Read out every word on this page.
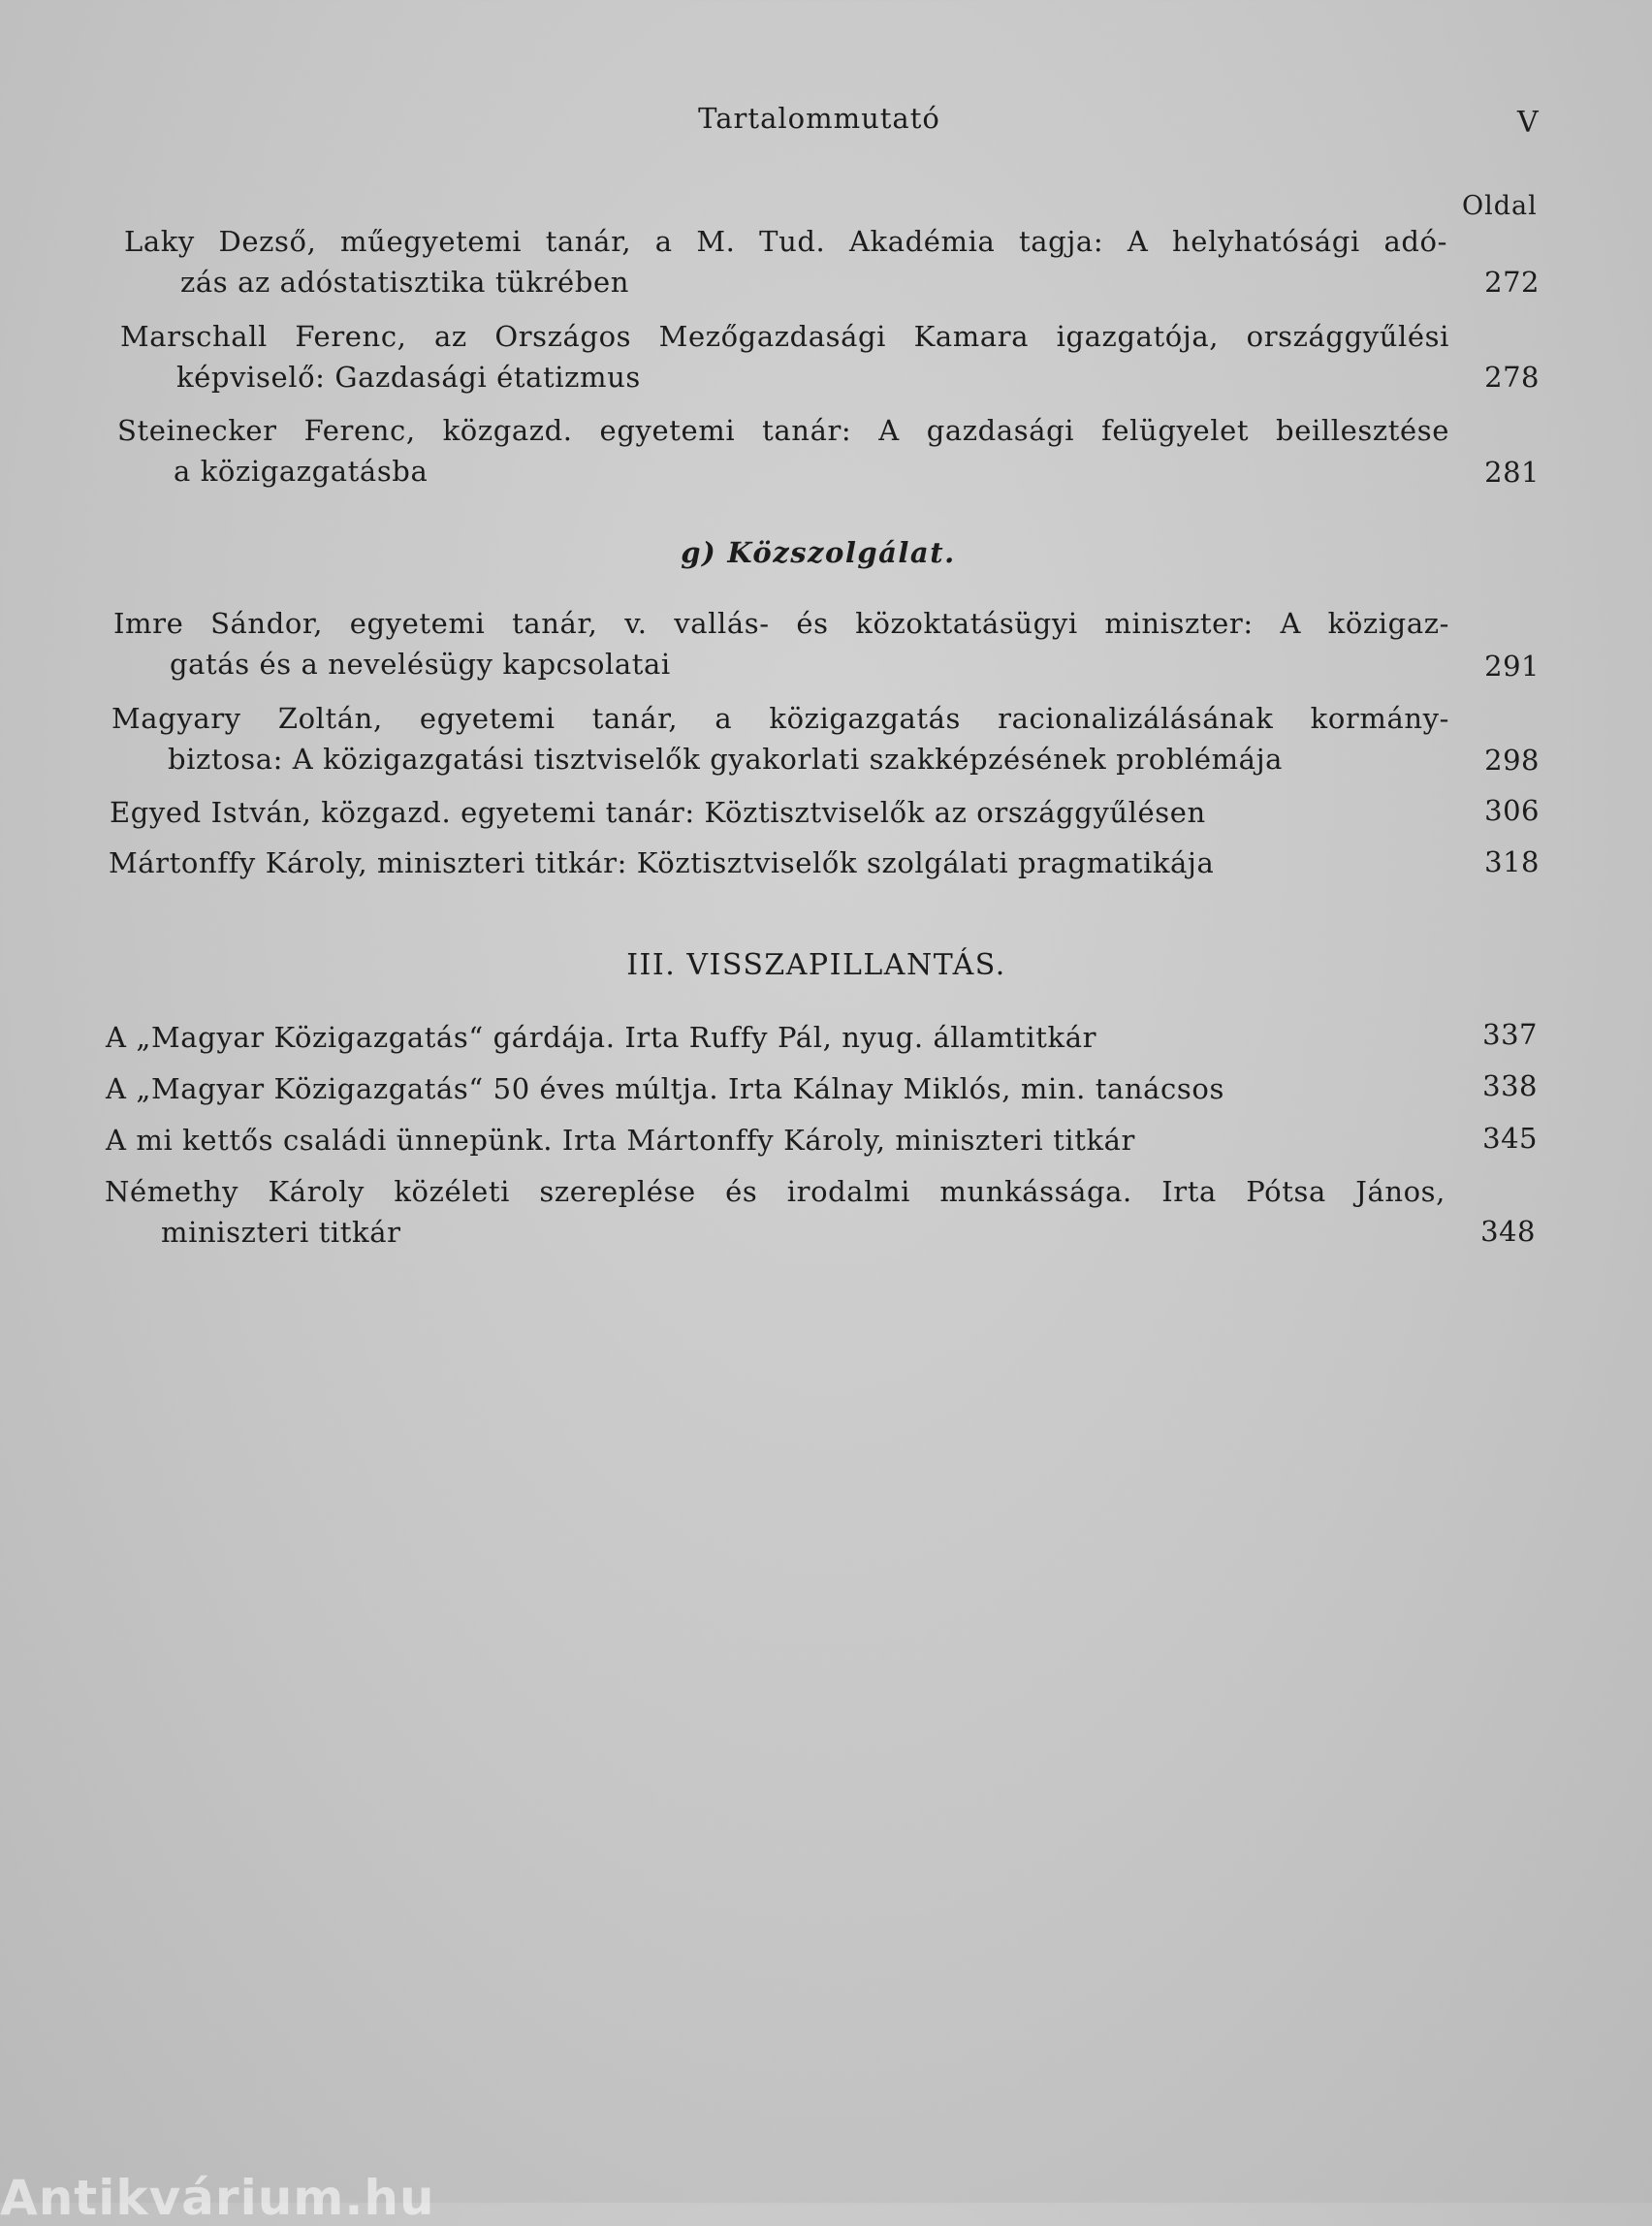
Tartalommutató	V
Oldal
Laky Dezső, műegyetemi tanár, a M. Tud. Akadémia tagja: A helyhatósági adó-
zás az adóstatisztika tükrében	272
Marschall Ferenc, az Országos Mezőgazdasági Kamara igazgatója, országgyűlési
képviselő: Gazdasági étatizmus	278
Steinecker Ferenc, közgazd. egyetemi tanár: A gazdasági felügyelet beillesztése
a közigazgatásba	281
g) Közszolgálat.
Imre Sándor, egyetemi tanár, v. vallás- és közoktatásügyi miniszter: A közigaz-
gatás és a nevelésügy kapcsolatai	291
Magyary Zoltán, egyetemi tanár, a közigazgatás racionalizálásának kormány-
biztosa: A közigazgatási tisztviselők gyakorlati szakképzésének problémája	298
Egyed István, közgazd. egyetemi tanár: Köztisztviselők az országgyűlésen	306
Mártonffy Károly, miniszteri titkár: Köztisztviselők szolgálati pragmatikája	318
III. VISSZAPILLANTÁS.
A „Magyar Közigazgatás“ gárdája. Irta Ruffy Pál, nyug. államtitkár	337
A „Magyar Közigazgatás“ 50 éves múltja. Irta Kálnay Miklós, min. tanácsos	338
A mi kettős családi ünnepünk. Irta Mártonffy Károly, miniszteri titkár	345
Némethy Károly közéleti szereplése és irodalmi munkássága. Irta Pótsa János,
miniszteri titkár	348
Antikvárium.hu
